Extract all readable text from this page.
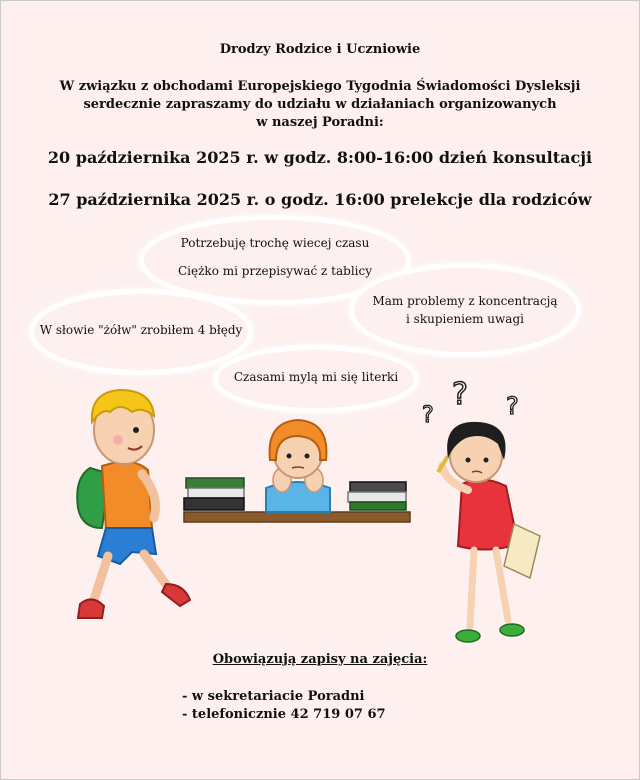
Drodzy Rodzice i Uczniowie
W związku z obchodami Europejskiego Tygodnia Świadomości Dysleksji
serdecznie zapraszamy do udziału w działaniach organizowanych
w naszej Poradni:
20 października 2025 r. w godz. 8:00-16:00 dzień konsultacji
27 października 2025 r. o godz. 16:00 prelekcje dla rodziców
Potrzebuję trochę wiecej czasu
Ciężko mi przepisywać z tablicy
Mam problemy z koncentracją
i skupieniem uwagi
W słowie "żółw" zrobiłem 4 błędy
Czasami mylą mi się literki	?
?	?
Obowiązują zapisy na zajęcia:
- w sekretariacie Poradni
- telefonicznie 42 719 07 67
